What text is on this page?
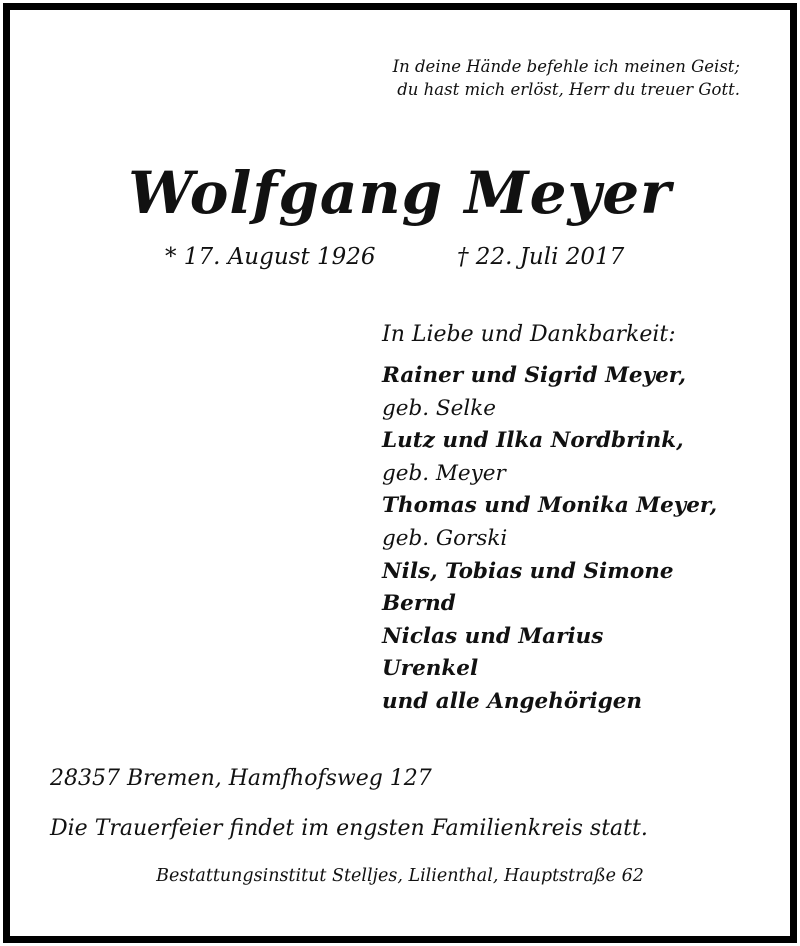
In deine Hände befehle ich meinen Geist;
du hast mich erlöst, Herr du treuer Gott.
Wolfgang Meyer
* 17. August 1926	† 22. Juli 2017
In Liebe und Dankbarkeit:
Rainer und Sigrid Meyer,
geb. Selke
Lutz und Ilka Nordbrink,
geb. Meyer
Thomas und Monika Meyer,
geb. Gorski
Nils, Tobias und Simone
Bernd
Niclas und Marius
Urenkel
und alle Angehörigen
28357 Bremen, Hamfhofsweg 127
Die Trauerfeier findet im engsten Familienkreis statt.
Bestattungsinstitut Stelljes, Lilienthal, Hauptstraße 62
